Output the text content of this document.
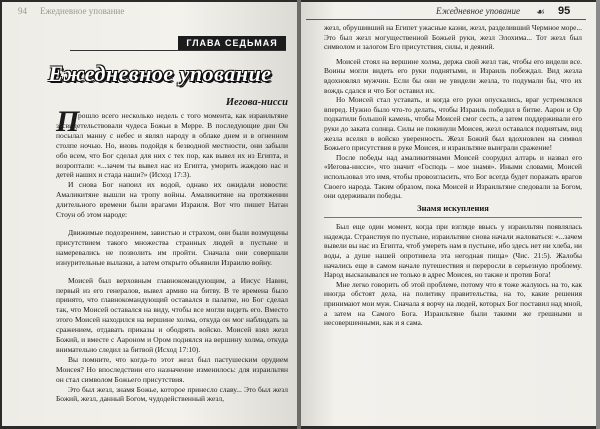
94 Ежедневное упование
ГЛАВА СЕДЬМАЯ
Ежедневное упование
Иегова-нисси
П

рошло всего несколько недель с того момента, как израильтяне засвидетельствовали чудеса Божьи в Мерре. В последующие дни Он посылал манну с небес и являл народу в облаке днем и в огненном столпе ночью. Но, вновь подойдя к безводной местности, они забыли обо всем, что Бог сделал для них с тех пор, как вывел их из Египта, и возроптали: «...зачем ты вывел нас из Египта, уморить жаждою нас и детей наших и стада наши?» (Исход 17:3).

И снова Бог напоил их водой, однако их ожидали новости: Амаликитяне вышли на тропу войны. Амаликитяне на протяжении длительного времени были врагами Израиля. Вот что пишет Натан Стоун об этом народе:

Движимые подозрением, завистью и страхом, они были возмущены присутствием такого множества странных людей в пустыне и намеревались не позволить им пройти. Сначала они совершали изнурительные вылазки, а затем открыто объявили Израилю войну.

Моисей был верховным главнокомандующим, а Иисус Навин, первый из его генералов, вывел армию на битву. В те времена было принято, что главнокомандующий оставался в палатке, но Бог сделал так, что Моисей оставался на виду, чтобы все могли видеть его. Вместо этого Моисей находился на вершине холма, откуда он мог наблюдать за сражением, отдавать приказы и ободрять войско. Моисей взял жезл Божий, и вместе с Аароном и Ором поднялся на вершину холма, откуда внимательно следил за битвой (Исход 17:10).

Вы помните, что когда-то этот жезл был пастушеским орудием Моисея? Но впоследствии его назначение изменилось: для израильтян он стал символом Божьего присутствия.

Это был жезл, знамя Божье, которое принесло славу... Это был жезл Божий, жезл, данный Богом, чудодейственный жезл,

Ежедневное упование ☙ 95

жезл, обрушивший на Египет ужасные казни, жезл, разделивший Чермное море... Это был жезл могущественной Божьей руки, жезл Элохима... Тот жезл был символом и залогом Его присутствия, силы, и деяний.

Моисей стоял на вершине холма, держа свой жезл так, чтобы его видели все. Воины могли видеть его руки поднятыми, и Израиль побеждал. Вид жезла вдохновлял мужчин. Если бы они не увидели жезла, то подумали бы, что их вождь сдался и что Бог оставил их.

Но Моисей стал уставать, и когда его руки опускались, враг устремлялся вперед. Нужно было что-то делать, чтобы Израиль победил в битве. Аарон и Ор подкатили большой камень, чтобы Моисей смог сесть, а затем поддерживали его руки до заката солнца. Силы не покинули Моисея, жезл оставался поднятым, вид жезла вселял в войско уверенность. Жезл Божий был вдохновлен на символ Божьего присутствия в руке Моисея, и израильтяне выиграли сражение!

После победы над амаликитянами Моисей соорудил алтарь и назвал его «Иегова-нисси», что значит «Господь – мое знамя». Иными словами, Моисей использовал это имя, чтобы провозгласить, что Бог всегда будет поражать врагов Своего народа. Таким образом, пока Моисей и Израильтяне следовали за Богом, они одерживали победы.

Знамя искупления

Был еще один момент, когда при взгляде ввысь у израильтян появлялась надежда. Странствуя по пустыне, израильтяне снова начали жаловаться: «...зачем вывели вы нас из Египта, чтоб умереть нам в пустыне, ибо здесь нет ни хлеба, ни воды, а душе нашей опротивела эта негодная пища» (Чис. 21:5). Жалобы начались еще в самом начале путешествия и переросли в серьезную проблему. Народ высказывался не только в адрес Моисея, но также и против Бога!

Мне легко говорить об этой проблеме, потому что я тоже жалуюсь на то, как иногда обстоят дела, на политику правительства, на то, какие решения принимают мои муж. Сначала я ворчу на людей, которых Бог поставил над мной, а затем на Самого Бога. Израильтяне были такими же грешными и несовершенными, как и я сама.
